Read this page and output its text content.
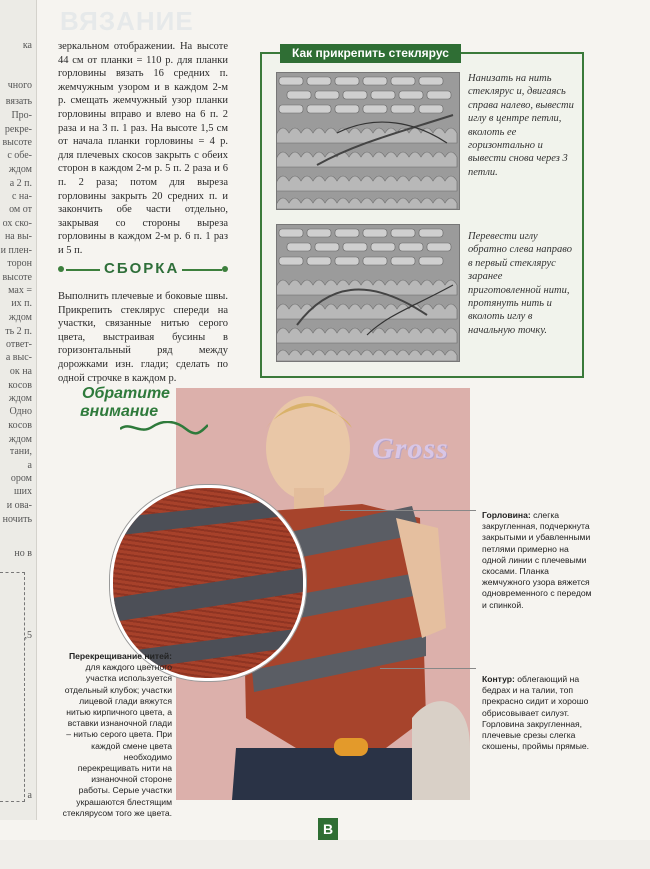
ка
чного
вязать
Про-
рекре-
высоте
с обе-
ждом
а 2 п.
с на-
ом от
ох ско-
на вы-
и плен-
торон
высоте
мах =
их п.
ждом
ть 2 п.
ответ-
а выс-
ок на
косов
ждом
Одно
косов
ждом
тани,
а
ором
ших
и ова-
ночить
но в
,5
а
ВЯЗАНИЕ
зеркальном отображении. На высоте 44 см от планки = 110 р. для планки горловины вязать 16 средних п. жемчужным узором и в каждом 2-м р. смещать жемчужный узор планки горловины вправо и влево на 6 п. 2 раза и на 3 п. 1 раз. На высоте 1,5 см от начала планки горловины = 4 р. для плечевых скосов закрыть с обеих сторон в каждом 2-м р. 5 п. 2 раза и 6 п. 2 раза; потом для выреза горловины закрыть 20 средних п. и закончить обе части отдельно, закрывая со стороны выреза горловины в каждом 2-м р. 6 п. 1 раз и 5 п.
СБОРКА
Выполнить плечевые и боковые швы. Прикрепить стеклярус спереди на участки, связанные нитью серого цвета, выстраивая бусины в горизонтальный ряд между дорожками изн. глади; сделать по одной строчке в каждом р.
Нанизать на нить стеклярус и, двигаясь справа налево, вывести иглу в центре петли, вколоть ее горизонтально и вывести снова через 3 петли.
Перевести иглу обратно слева направо в первый стеклярус заранее приготовленной нити, протянуть нить и вколоть иглу в начальную точку.
Как прикрепить стеклярус
Gross
Обратите
внимание
Горловина: слегка закругленная, подчеркнута закрытыми и убавленными петлями примерно на одной линии с плечевыми скосами. Планка жемчужного узора вяжется одновременного с передом и спинкой.
Контур: облегающий на бедрах и на талии, топ прекрасно сидит и хорошо обрисовывает силуэт. Горловина закругленная, плечевые срезы слегка скошены, проймы прямые.
Перекрещивание нитей: для каждого цветного участка используется отдельный клубок; участки лицевой глади вяжутся нитью кирпичного цвета, а вставки изнаночной глади – нитью серого цвета. При каждой смене цвета необходимо перекрещивать нити на изнаночной стороне работы. Серые участки украшаются блестящим стеклярусом того же цвета.
В
